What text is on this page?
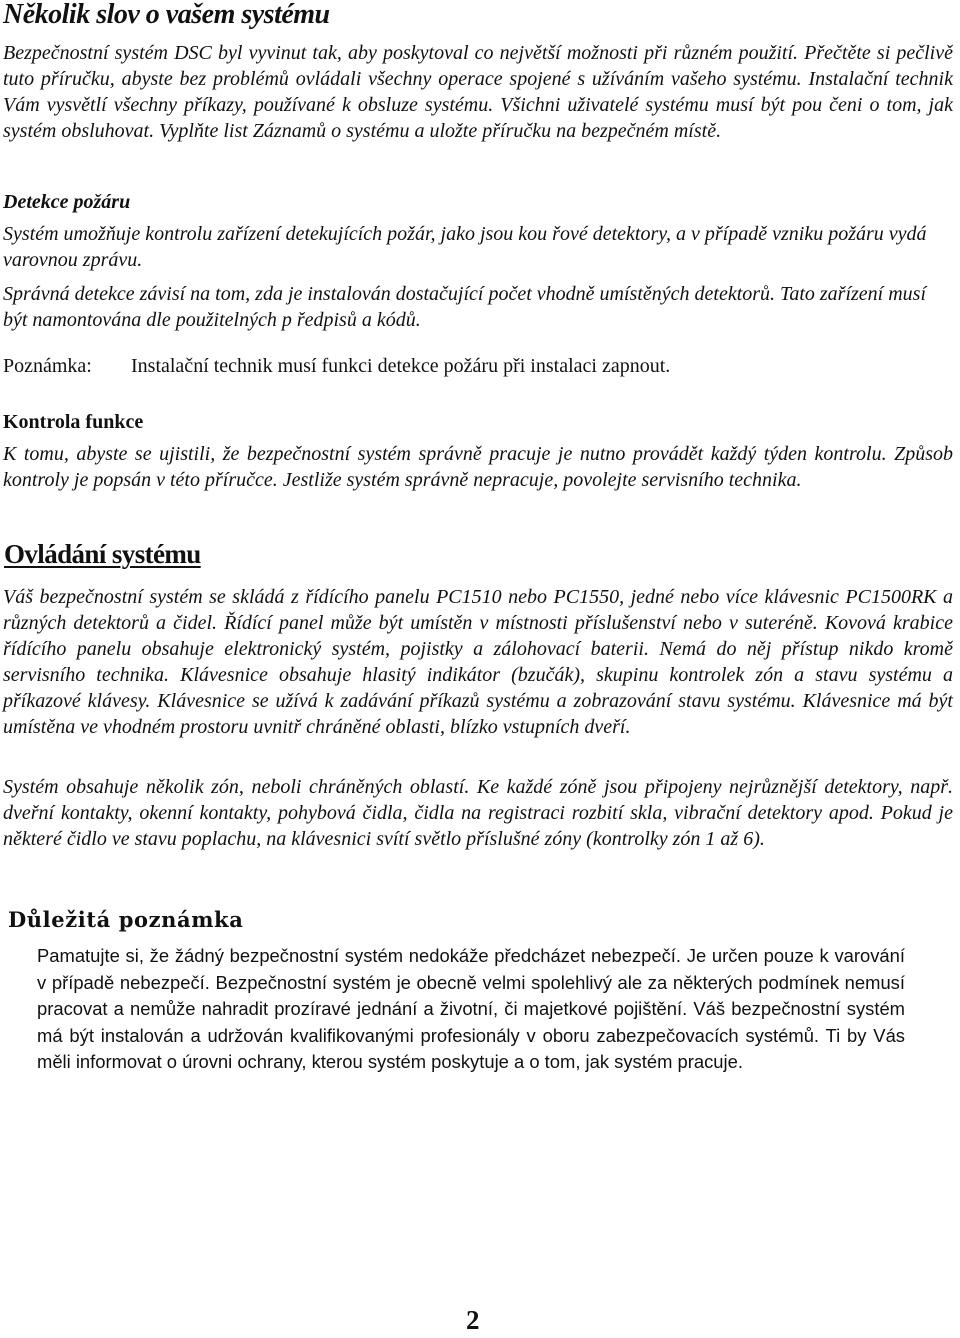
Několik slov o vašem systému

Bezpečnostní systém DSC byl vyvinut tak, aby poskytoval co největší možnosti při různém použití. Přečtěte si pečlivě tuto příručku, abyste bez problémů ovládali všechny operace spojené s užíváním vašeho systému. Instalační technik Vám vysvětlí všechny příkazy, používané k obsluze systému. Všichni uživatelé systému musí být pou čeni o tom, jak systém obsluhovat. Vyplňte list Záznamů o systému a uložte příručku na bezpečném místě.

Detekce požáru

Systém umožňuje kontrolu zařízení detekujících požár, jako jsou kou řové detektory, a v případě vzniku požáru vydá varovnou zprávu.

Správná detekce závisí na tom, zda je instalován dostačující počet vhodně umístěných detektorů. Tato zařízení musí být namontována dle použitelných p ředpisů a kódů.

Poznámka:	Instalační technik musí funkci detekce požáru při instalaci zapnout.
Kontrola funkce

K tomu, abyste se ujistili, že bezpečnostní systém správně pracuje je nutno provádět každý týden kontrolu. Způsob kontroly je popsán v této příručce. Jestliže systém správně nepracuje, povolejte servisního technika.

Ovládání systému

Váš bezpečnostní systém se skládá z řídícího panelu PC1510 nebo PC1550, jedné nebo více klávesnic PC1500RK a různých detektorů a čidel. Řídící panel může být umístěn v místnosti příslušenství nebo v suteréně. Kovová krabice řídícího panelu obsahuje elektronický systém, pojistky a zálohovací baterii. Nemá do něj přístup nikdo kromě servisního technika. Klávesnice obsahuje hlasitý indikátor (bzučák), skupinu kontrolek zón a stavu systému a příkazové klávesy. Klávesnice se užívá k zadávání příkazů systému a zobrazování stavu systému. Klávesnice má být umístěna ve vhodném prostoru uvnitř chráněné oblasti, blízko vstupních dveří.

Systém obsahuje několik zón, neboli chráněných oblastí. Ke každé zóně jsou připojeny nejrůznější detektory, např. dveřní kontakty, okenní kontakty, pohybová čidla, čidla na registraci rozbití skla, vibrační detektory apod. Pokud je některé čidlo ve stavu poplachu, na klávesnici svítí světlo příslušné zóny (kontrolky zón 1 až 6).

Důležitá poznámka

Pamatujte si, že žádný bezpečnostní systém nedokáže předcházet nebezpečí. Je určen pouze k varování v případě nebezpečí. Bezpečnostní systém je obecně velmi spolehlivý ale za některých podmínek nemusí pracovat a nemůže nahradit prozíravé jednání a životní, či majetkové pojištění. Váš bezpečnostní systém má být instalován a udržován kvalifikovanými profesionály v oboru zabezpečovacích systémů. Ti by Vás měli informovat o úrovni ochrany, kterou systém poskytuje a o tom, jak systém pracuje.

2
